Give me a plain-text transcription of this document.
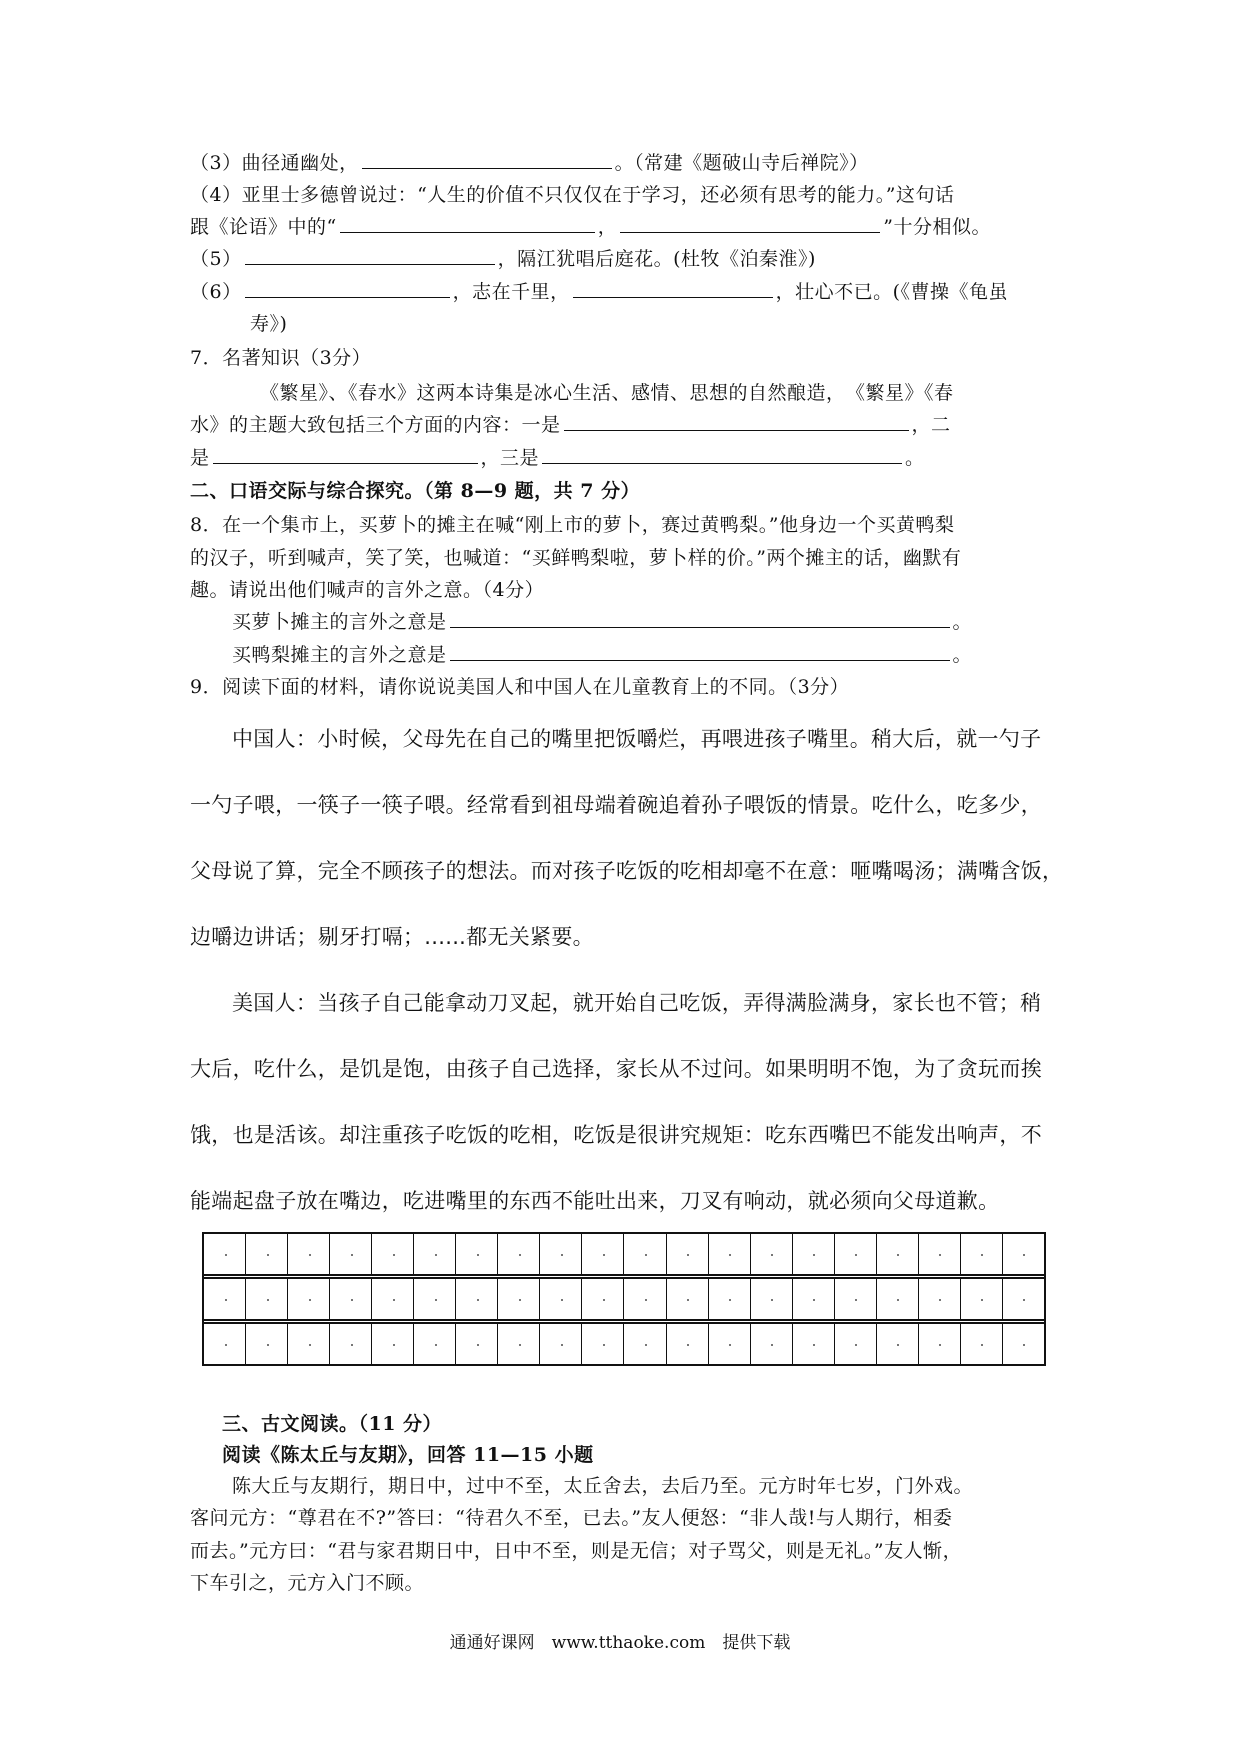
（3）曲径通幽处，	。（常建《题破山寺后禅院》）
（4）亚里士多德曾说过：“人生的价值不只仅仅在于学习，还必须有思考的能力。”这句话
跟《论语》中的“	，	”十分相似。
（5）	，隔江犹唱后庭花。(杜牧《泊秦淮》)
（6）	，志在千里，	，壮心不已。(《曹操《龟虽
寿》)
7．名著知识（3分）
《繁星》、《春水》这两本诗集是冰心生活、感情、思想的自然酿造，　《繁星》《春
水》的主题大致包括三个方面的内容：一是	，二
是	，三是	。
二、口语交际与综合探究。（第 8—9 题，共 7 分）
8．在一个集市上，买萝卜的摊主在喊“刚上市的萝卜，赛过黄鸭梨。”他身边一个买黄鸭梨
的汉子，听到喊声，笑了笑，也喊道：“买鲜鸭梨啦，萝卜样的价。”两个摊主的话，幽默有
趣。请说出他们喊声的言外之意。（4分）
买萝卜摊主的言外之意是	。
买鸭梨摊主的言外之意是	。
9．阅读下面的材料，请你说说美国人和中国人在儿童教育上的不同。（3分）
中国人：小时候，父母先在自己的嘴里把饭嚼烂，再喂进孩子嘴里。稍大后，就一勺子
一勺子喂，一筷子一筷子喂。经常看到祖母端着碗追着孙子喂饭的情景。吃什么，吃多少，
父母说了算，完全不顾孩子的想法。而对孩子吃饭的吃相却毫不在意：咂嘴喝汤；满嘴含饭，
边嚼边讲话；剔牙打嗝；......都无关紧要。
美国人：当孩子自己能拿动刀叉起，就开始自己吃饭，弄得满脸满身，家长也不管；稍
大后，吃什么，是饥是饱，由孩子自己选择，家长从不过问。如果明明不饱，为了贪玩而挨
饿，也是活该。却注重孩子吃饭的吃相，吃饭是很讲究规矩：吃东西嘴巴不能发出响声，不
能端起盘子放在嘴边，吃进嘴里的东西不能吐出来，刀叉有响动，就必须向父母道歉。
三、古文阅读。（11 分）
阅读《陈太丘与友期》，回答 11—15 小题
陈大丘与友期行，期日中，过中不至，太丘舍去，去后乃至。元方时年七岁，门外戏。
客问元方：“尊君在不?”答曰：“待君久不至，已去。”友人便怒：“非人哉!与人期行，相委
而去。”元方曰：“君与家君期日中，日中不至，则是无信；对子骂父，则是无礼。”友人惭，
下车引之，元方入门不顾。
通通好课网　www.tthaoke.com　提供下载
